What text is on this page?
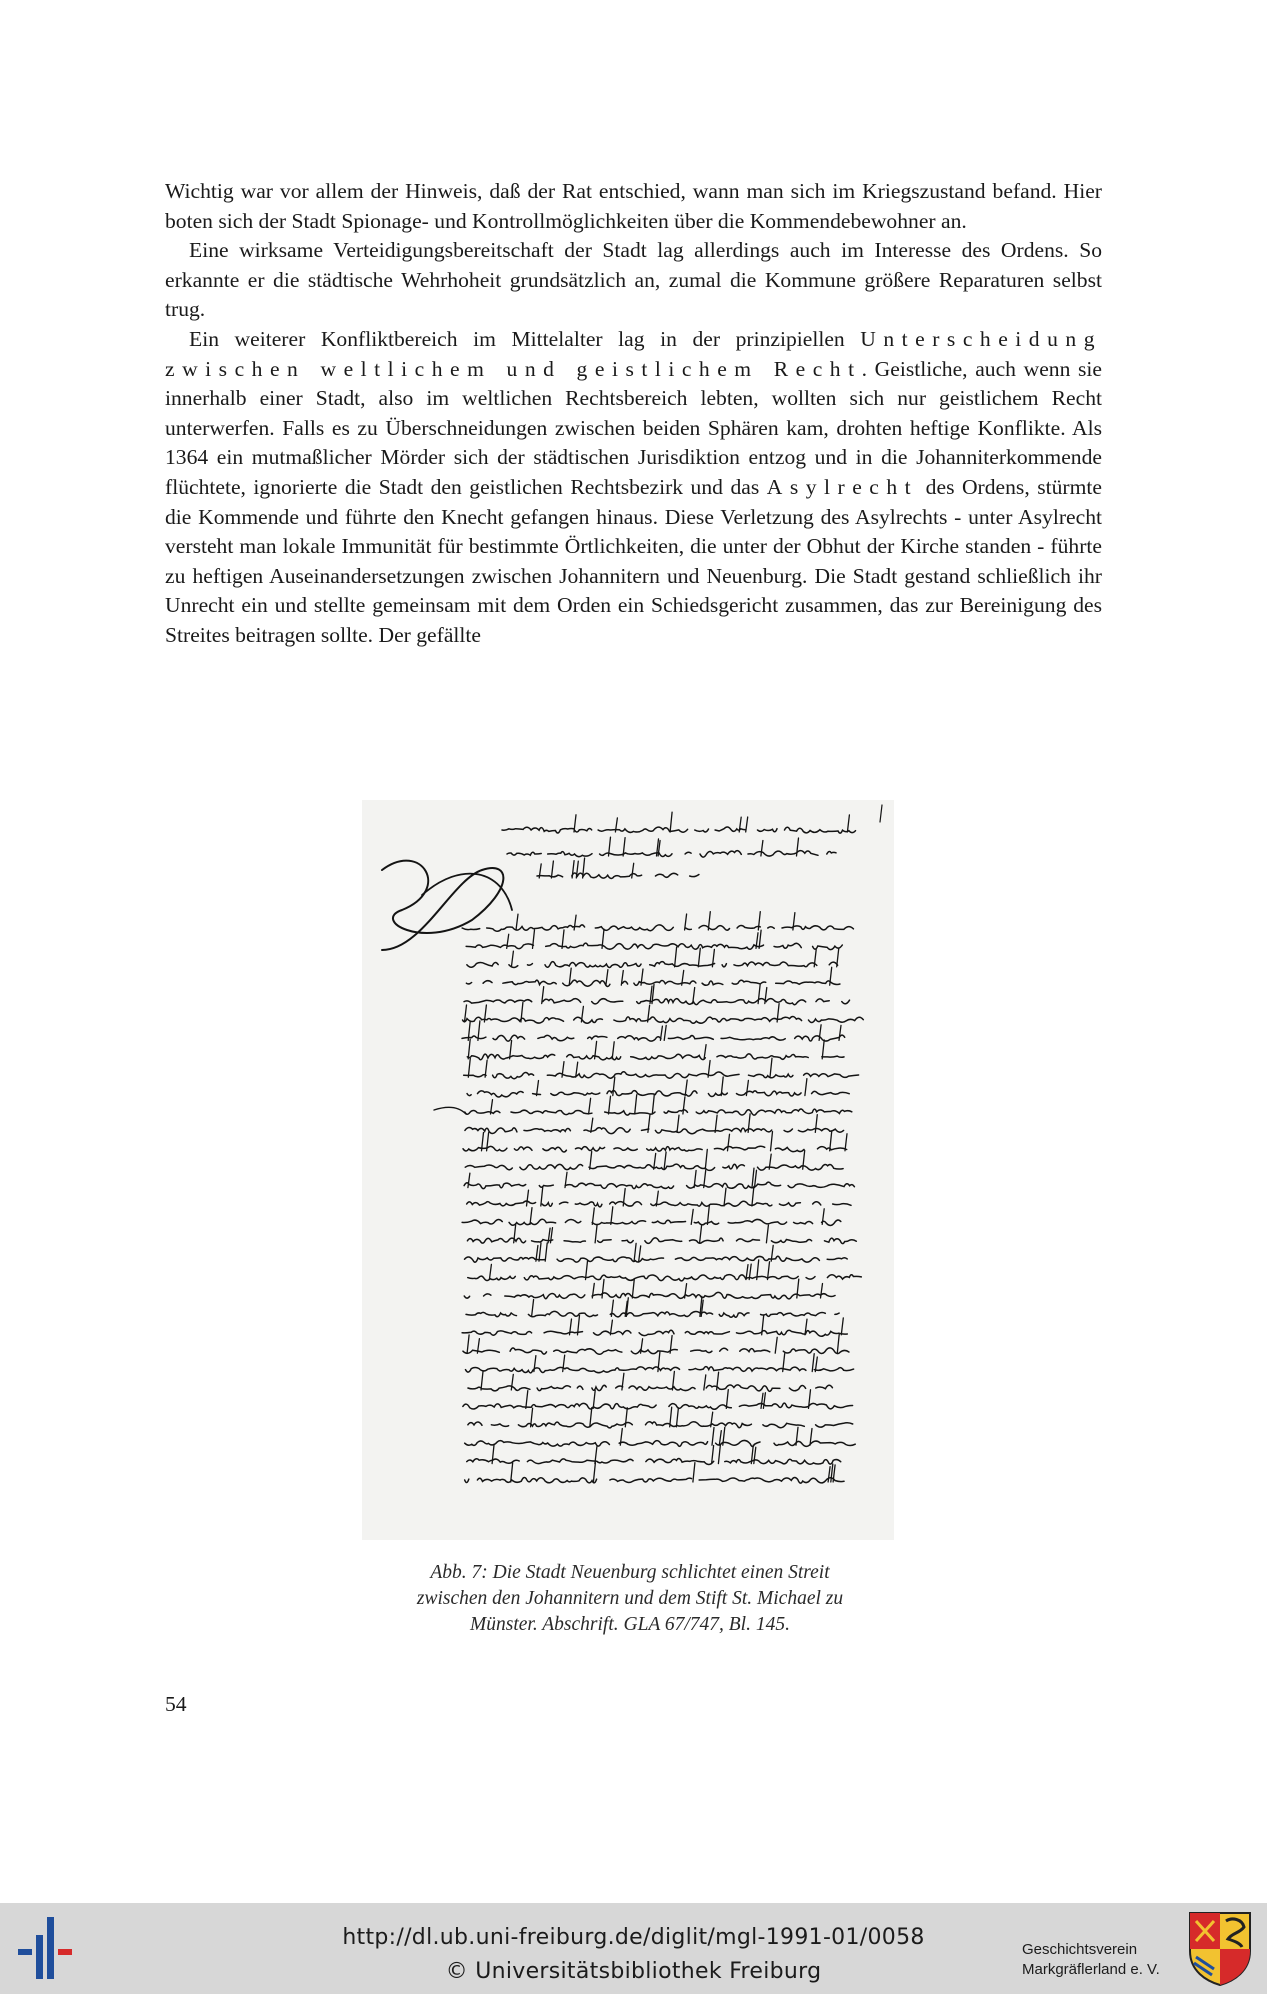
Wichtig war vor allem der Hinweis, daß der Rat entschied, wann man sich im Kriegszustand befand. Hier boten sich der Stadt Spionage- und Kontrollmöglichkeiten über die Kommendebewohner an.

Eine wirksame Verteidigungsbereitschaft der Stadt lag allerdings auch im Interesse des Ordens. So erkannte er die städtische Wehrhoheit grundsätzlich an, zumal die Kommune größere Reparaturen selbst trug.

Ein weiterer Konfliktbereich im Mittelalter lag in der prinzipiellen Unterscheidung zwischen weltlichem und geistlichem Recht. Geistliche, auch wenn sie innerhalb einer Stadt, also im weltlichen Rechtsbereich lebten, wollten sich nur geistlichem Recht unterwerfen. Falls es zu Überschneidungen zwischen beiden Sphären kam, drohten heftige Konflikte. Als 1364 ein mutmaßlicher Mörder sich der städtischen Jurisdiktion entzog und in die Johanniterkommende flüchtete, ignorierte die Stadt den geistlichen Rechtsbezirk und das Asylrecht des Ordens, stürmte die Kommende und führte den Knecht gefangen hinaus. Diese Verletzung des Asylrechts - unter Asylrecht versteht man lokale Immunität für bestimmte Örtlichkeiten, die unter der Obhut der Kirche standen - führte zu heftigen Auseinandersetzungen zwischen Johannitern und Neuenburg. Die Stadt gestand schließlich ihr Unrecht ein und stellte gemeinsam mit dem Orden ein Schiedsgericht zusammen, das zur Bereinigung des Streites beitragen sollte. Der gefällte

Abb. 7: Die Stadt Neuenburg schlichtet einen Streit
zwischen den Johannitern und dem Stift St. Michael zu
Münster. Abschrift. GLA 67/747, Bl. 145.
54
http://dl.ub.uni-freiburg.de/diglit/mgl-1991-01/0058
© Universitätsbibliothek Freiburg
Geschichtsverein
Markgräflerland e. V.
